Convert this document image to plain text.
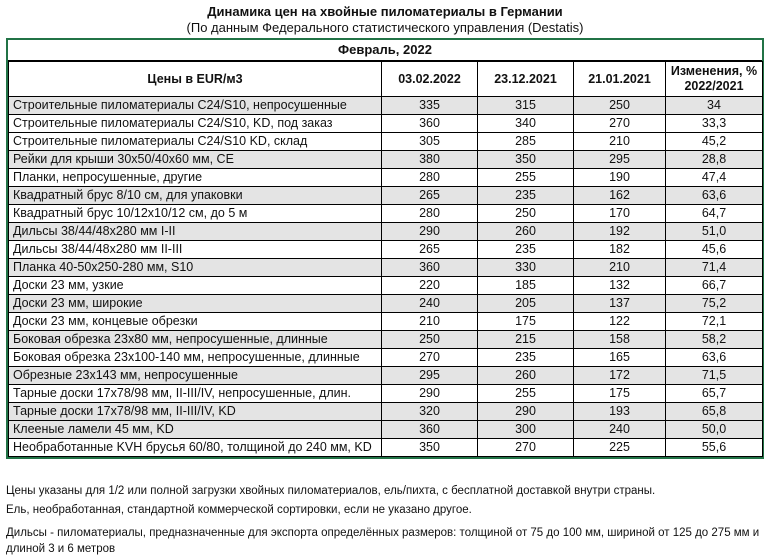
Динамика цен на хвойные пиломатериалы в Германии
(По данным Федерального статистического управления (Destatis)
Февраль, 2022
Цены в EUR/м3	03.02.2022	23.12.2021	21.01.2021	Изменения, % 2022/2021
Строительные пиломатериалы С24/S10, непросушенные	335	315	250	34
Строительные пиломатериалы С24/S10, KD, под заказ	360	340	270	33,3
Строительные пиломатериалы С24/S10 KD, склад	305	285	210	45,2
Рейки для крыши 30x50/40x60 мм, CE	380	350	295	28,8
Планки, непросушенные, другие	280	255	190	47,4
Квадратный брус 8/10 см, для упаковки	265	235	162	63,6
Квадратный брус 10/12x10/12 см, до 5 м	280	250	170	64,7
Дильсы 38/44/48x280 мм I-II	290	260	192	51,0
Дильсы 38/44/48x280 мм II-III	265	235	182	45,6
Планка 40-50x250-280 мм, S10	360	330	210	71,4
Доски 23 мм, узкие	220	185	132	66,7
Доски 23 мм, широкие	240	205	137	75,2
Доски 23 мм, концевые обрезки	210	175	122	72,1
Боковая обрезка 23x80 мм, непросушенные, длинные	250	215	158	58,2
Боковая обрезка 23x100-140 мм, непросушенные, длинные	270	235	165	63,6
Обрезные 23x143 мм, непросушенные	295	260	172	71,5
Тарные доски 17x78/98 мм, II-III/IV, непросушенные, длин.	290	255	175	65,7
Тарные доски 17x78/98 мм, II-III/IV, KD	320	290	193	65,8
Клееные ламели 45 мм, KD	360	300	240	50,0
Необработанные KVH брусья 60/80, толщиной до 240 мм, KD	350	270	225	55,6

Цены указаны для 1/2 или полной загрузки хвойных пиломатериалов, ель/пихта, с бесплатной доставкой внутри страны.

Ель, необработанная, стандартной коммерческой сортировки, если не указано другое.

Дильсы - пиломатериалы, предназначенные для экспорта определённых размеров: толщиной от 75 до 100 мм, шириной от 125 до 275 мм и длиной 3 и 6 метров
